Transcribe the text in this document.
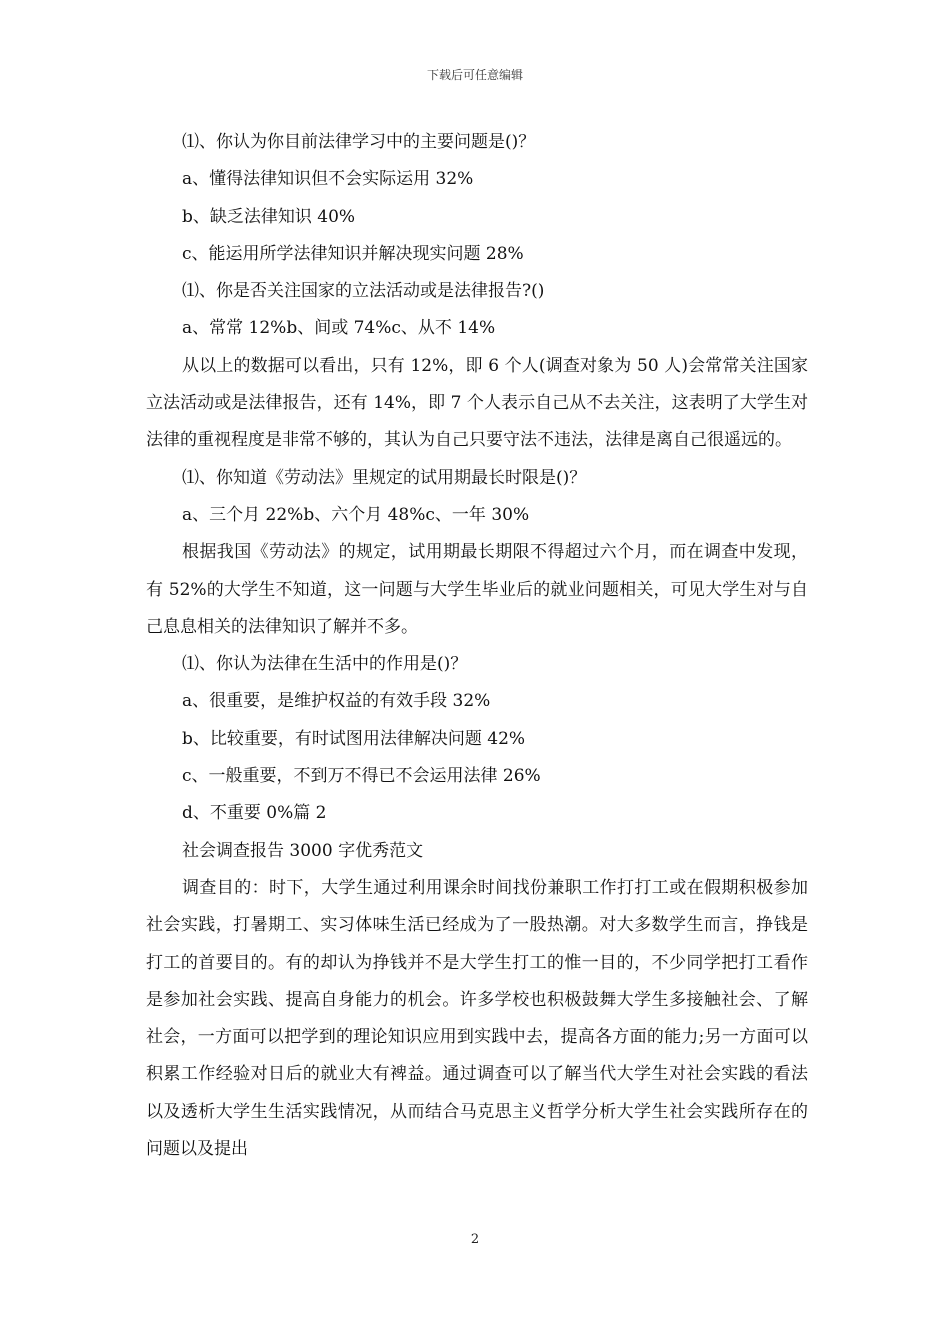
下载后可任意编辑
⑴、你认为你目前法律学习中的主要问题是()？
a、懂得法律知识但不会实际运用 32%
b、缺乏法律知识 40%
c、能运用所学法律知识并解决现实问题 28%
⑴、你是否关注国家的立法活动或是法律报告?()
a、常常 12%b、间或 74%c、从不 14%

从以上的数据可以看出，只有 12%，即 6 个人(调查对象为 50 人)会常常关注国家立法活动或是法律报告，还有 14%，即 7 个人表示自己从不去关注，这表明了大学生对法律的重视程度是非常不够的，其认为自己只要守法不违法，法律是离自己很遥远的。

⑴、你知道《劳动法》里规定的试用期最长时限是()？
a、三个月 22%b、六个月 48%c、一年 30%

根据我国《劳动法》的规定，试用期最长期限不得超过六个月，而在调查中发现，有 52%的大学生不知道，这一问题与大学生毕业后的就业问题相关，可见大学生对与自己息息相关的法律知识了解并不多。

⑴、你认为法律在生活中的作用是()？
a、很重要，是维护权益的有效手段 32%
b、比较重要，有时试图用法律解决问题 42%
c、一般重要，不到万不得已不会运用法律 26%
d、不重要 0%篇 2
社会调查报告 3000 字优秀范文

调查目的：时下，大学生通过利用课余时间找份兼职工作打打工或在假期积极参加社会实践，打暑期工、实习体味生活已经成为了一股热潮。对大多数学生而言，挣钱是打工的首要目的。有的却认为挣钱并不是大学生打工的惟一目的，不少同学把打工看作是参加社会实践、提高自身能力的机会。许多学校也积极鼓舞大学生多接触社会、了解社会，一方面可以把学到的理论知识应用到实践中去，提高各方面的能力;另一方面可以积累工作经验对日后的就业大有裨益。通过调查可以了解当代大学生对社会实践的看法以及透析大学生生活实践情况，从而结合马克思主义哲学分析大学生社会实践所存在的问题以及提出

2
